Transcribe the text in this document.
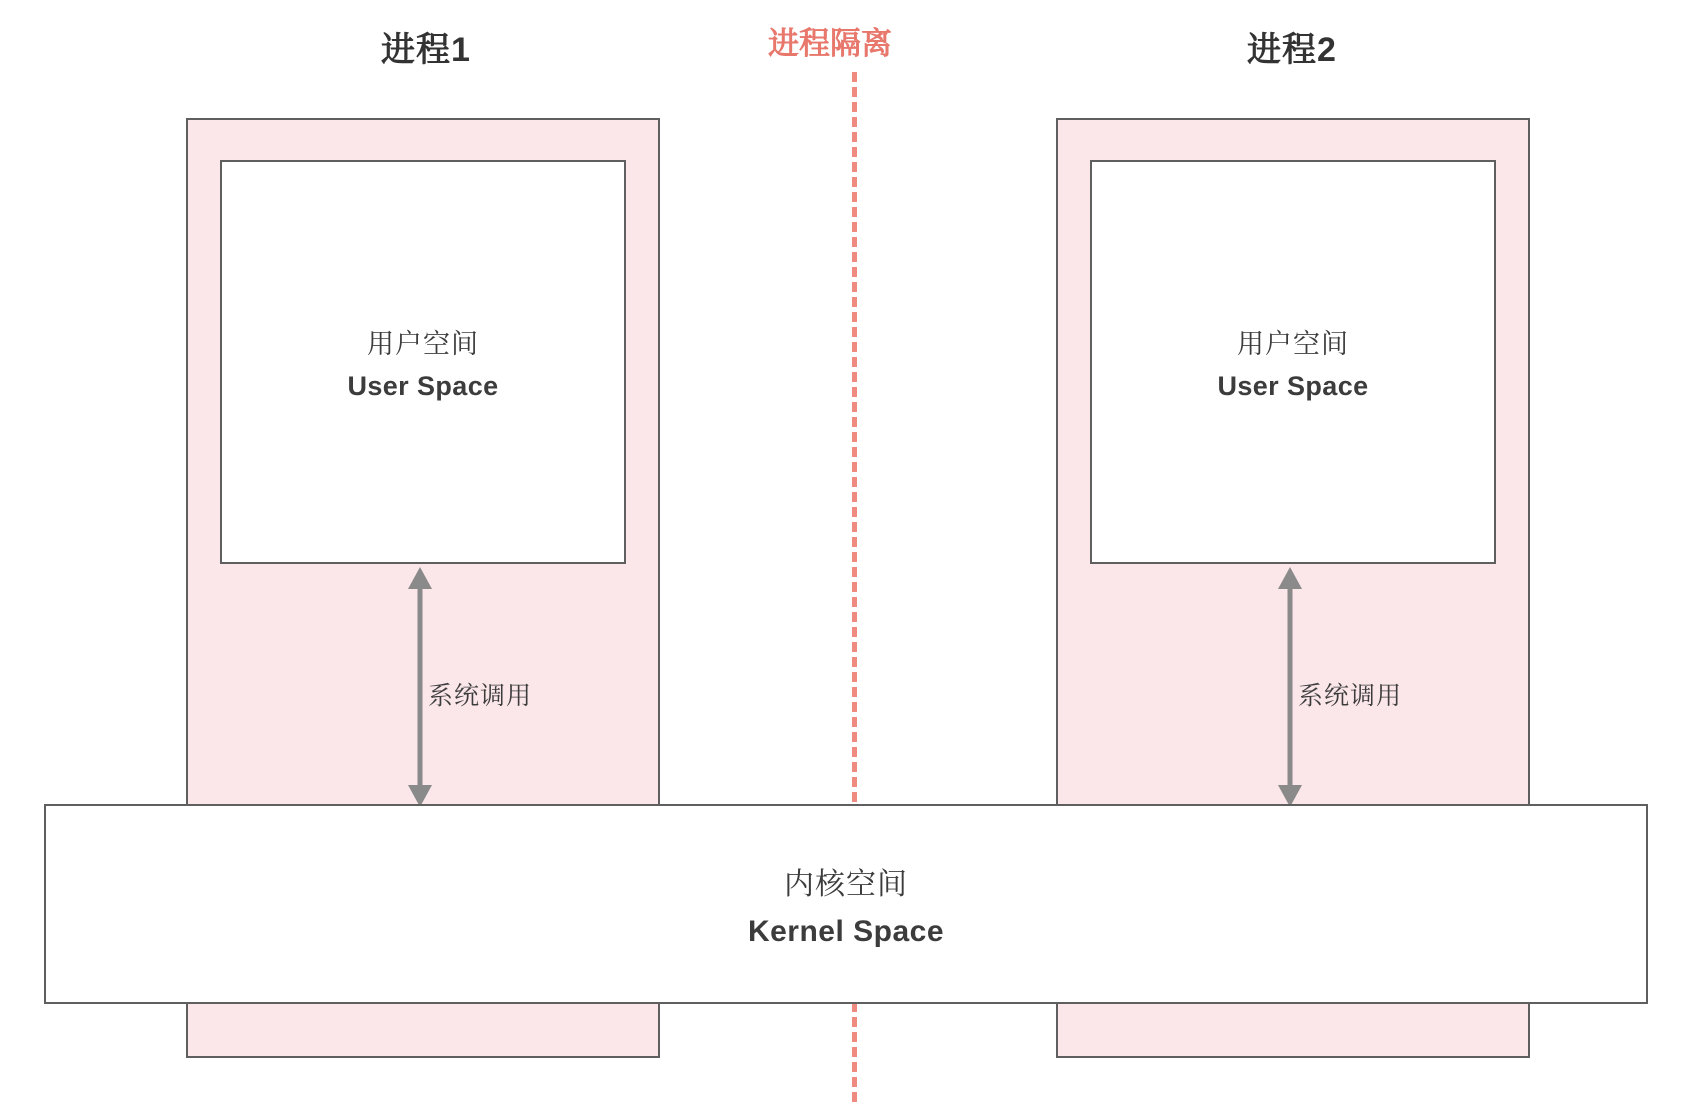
进程1	进程2
进程隔离
用户空间
User Space
用户空间
User Space
系统调用	系统调用
内核空间
Kernel Space
